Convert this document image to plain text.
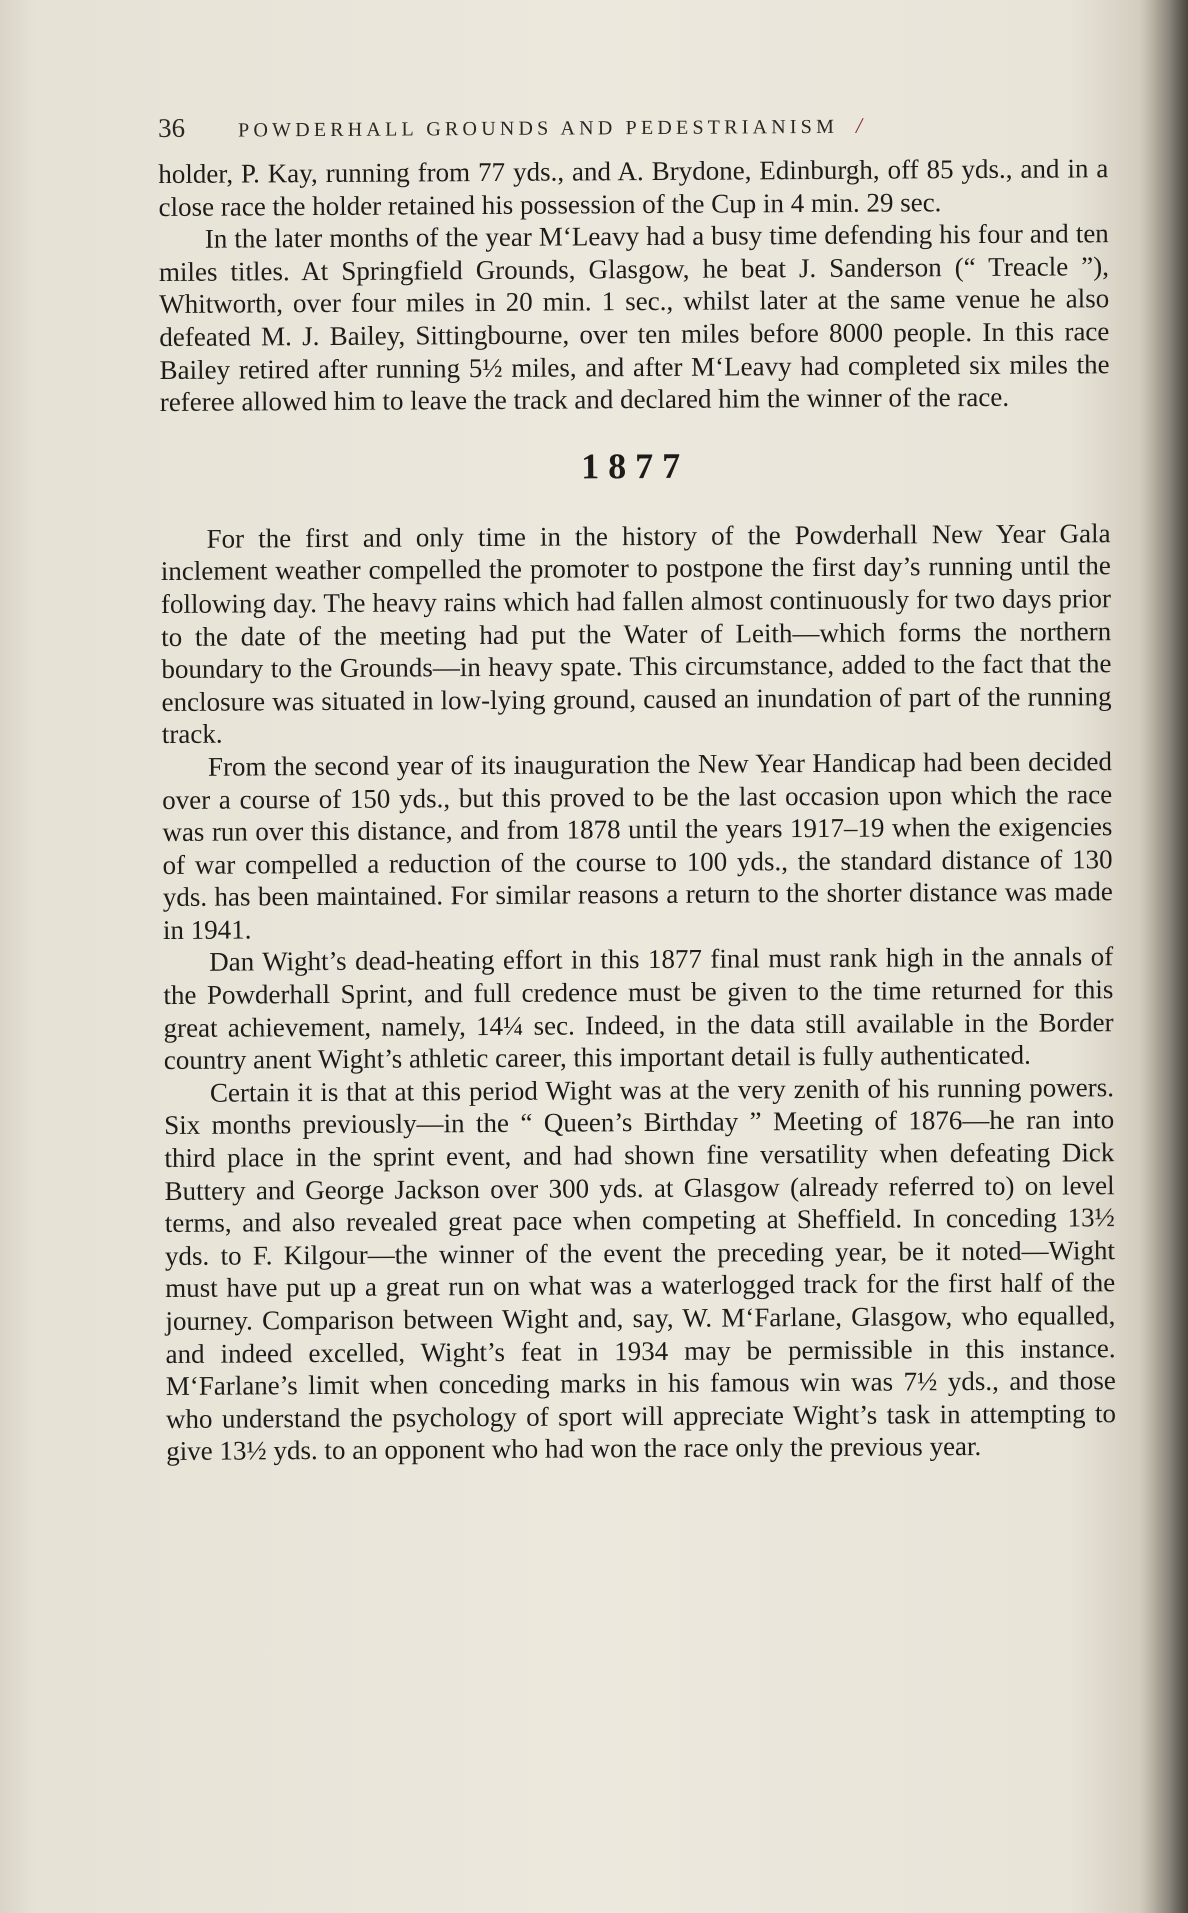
36	POWDERHALL GROUNDS AND PEDESTRIANISM /

holder, P. Kay, running from 77 yds., and A. Brydone, Edinburgh, off 85 yds., and in a close race the holder retained his possession of the Cup in 4 min. 29 sec.

In the later months of the year M‘Leavy had a busy time defending his four and ten miles titles. At Springfield Grounds, Glasgow, he beat J. Sanderson (“ Treacle ”), Whitworth, over four miles in 20 min. 1 sec., whilst later at the same venue he also defeated M. J. Bailey, Sittingbourne, over ten miles before 8000 people. In this race Bailey retired after running 5½ miles, and after M‘Leavy had completed six miles the referee allowed him to leave the track and declared him the winner of the race.

1877

For the first and only time in the history of the Powderhall New Year Gala inclement weather compelled the promoter to postpone the first day’s running until the following day. The heavy rains which had fallen almost continuously for two days prior to the date of the meeting had put the Water of Leith—which forms the northern boundary to the Grounds—in heavy spate. This circumstance, added to the fact that the enclosure was situated in low-lying ground, caused an inundation of part of the running track.

From the second year of its inauguration the New Year Handicap had been decided over a course of 150 yds., but this proved to be the last occasion upon which the race was run over this distance, and from 1878 until the years 1917–19 when the exigencies of war compelled a reduction of the course to 100 yds., the standard distance of 130 yds. has been maintained. For similar reasons a return to the shorter distance was made in 1941.

Dan Wight’s dead-heating effort in this 1877 final must rank high in the annals of the Powderhall Sprint, and full credence must be given to the time returned for this great achievement, namely, 14¼ sec. Indeed, in the data still available in the Border country anent Wight’s athletic career, this important detail is fully authenticated.

Certain it is that at this period Wight was at the very zenith of his running powers. Six months previously—in the “ Queen’s Birthday ” Meeting of 1876—he ran into third place in the sprint event, and had shown fine versatility when defeating Dick Buttery and George Jackson over 300 yds. at Glasgow (already referred to) on level terms, and also revealed great pace when competing at Sheffield. In conceding 13½ yds. to F. Kilgour—the winner of the event the preceding year, be it noted—Wight must have put up a great run on what was a waterlogged track for the first half of the journey. Comparison between Wight and, say, W. M‘Farlane, Glasgow, who equalled, and indeed excelled, Wight’s feat in 1934 may be permissible in this instance. M‘Farlane’s limit when conceding marks in his famous win was 7½ yds., and those who understand the psychology of sport will appreciate Wight’s task in attempting to give 13½ yds. to an opponent who had won the race only the previous year.
